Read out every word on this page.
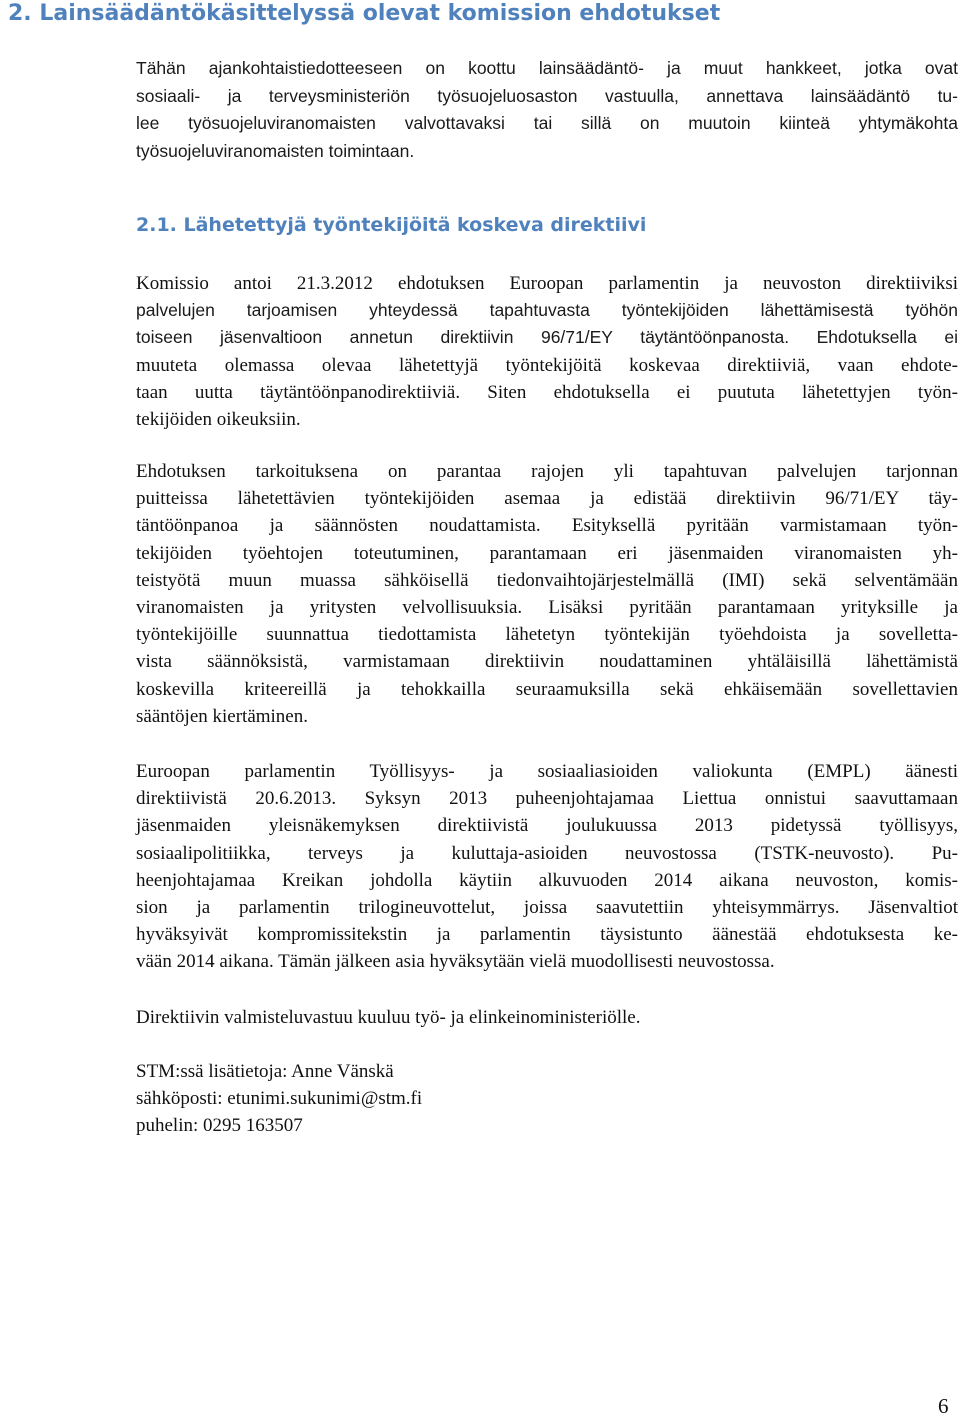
2. Lainsäädäntökäsittelyssä olevat komission ehdotukset
Tähän ajankohtaistiedotteeseen on koottu lainsäädäntö- ja muut hankkeet, jotka ovat
sosiaali- ja terveysministeriön työsuojeluosaston vastuulla, annettava lainsäädäntö tu-
lee työsuojeluviranomaisten valvottavaksi tai sillä on muutoin kiinteä yhtymäkohta
työsuojeluviranomaisten toimintaan.
2.1. Lähetettyjä työntekijöitä koskeva direktiivi
Komissio antoi 21.3.2012 ehdotuksen Euroopan parlamentin ja neuvoston direktiiviksi
palvelujen tarjoamisen yhteydessä tapahtuvasta työntekijöiden lähettämisestä työhön
toiseen jäsenvaltioon annetun direktiivin 96/71/EY täytäntöönpanosta. Ehdotuksella ei
muuteta olemassa olevaa lähetettyjä työntekijöitä koskevaa direktiiviä, vaan ehdote-
taan uutta täytäntöönpanodirektiiviä. Siten ehdotuksella ei puututa lähetettyjen työn-
tekijöiden oikeuksiin.
Ehdotuksen tarkoituksena on parantaa rajojen yli tapahtuvan palvelujen tarjonnan
puitteissa lähetettävien työntekijöiden asemaa ja edistää direktiivin 96/71/EY täy-
täntöönpanoa ja säännösten noudattamista. Esityksellä pyritään varmistamaan työn-
tekijöiden työehtojen toteutuminen, parantamaan eri jäsenmaiden viranomaisten yh-
teistyötä muun muassa sähköisellä tiedonvaihtojärjestelmällä (IMI) sekä selventämään
viranomaisten ja yritysten velvollisuuksia. Lisäksi pyritään parantamaan yrityksille ja
työntekijöille suunnattua tiedottamista lähetetyn työntekijän työehdoista ja sovelletta-
vista säännöksistä, varmistamaan direktiivin noudattaminen yhtäläisillä lähettämistä
koskevilla kriteereillä ja tehokkailla seuraamuksilla sekä ehkäisemään sovellettavien
sääntöjen kiertäminen.
Euroopan parlamentin Työllisyys- ja sosiaaliasioiden valiokunta (EMPL) äänesti
direktiivistä 20.6.2013. Syksyn 2013 puheenjohtajamaa Liettua onnistui saavuttamaan
jäsenmaiden yleisnäkemyksen direktiivistä joulukuussa 2013 pidetyssä työllisyys,
sosiaalipolitiikka, terveys ja kuluttaja-asioiden neuvostossa (TSTK-neuvosto). Pu-
heenjohtajamaa Kreikan johdolla käytiin alkuvuoden 2014 aikana neuvoston, komis-
sion ja parlamentin trilogineuvottelut, joissa saavutettiin yhteisymmärrys. Jäsenvaltiot
hyväksyivät kompromissitekstin ja parlamentin täysistunto äänestää ehdotuksesta ke-
vään 2014 aikana. Tämän jälkeen asia hyväksytään vielä muodollisesti neuvostossa.
Direktiivin valmisteluvastuu kuuluu työ- ja elinkeinoministeriölle.
STM:ssä lisätietoja: Anne Vänskä
sähköposti: etunimi.sukunimi@stm.fi
puhelin: 0295 163507
6
